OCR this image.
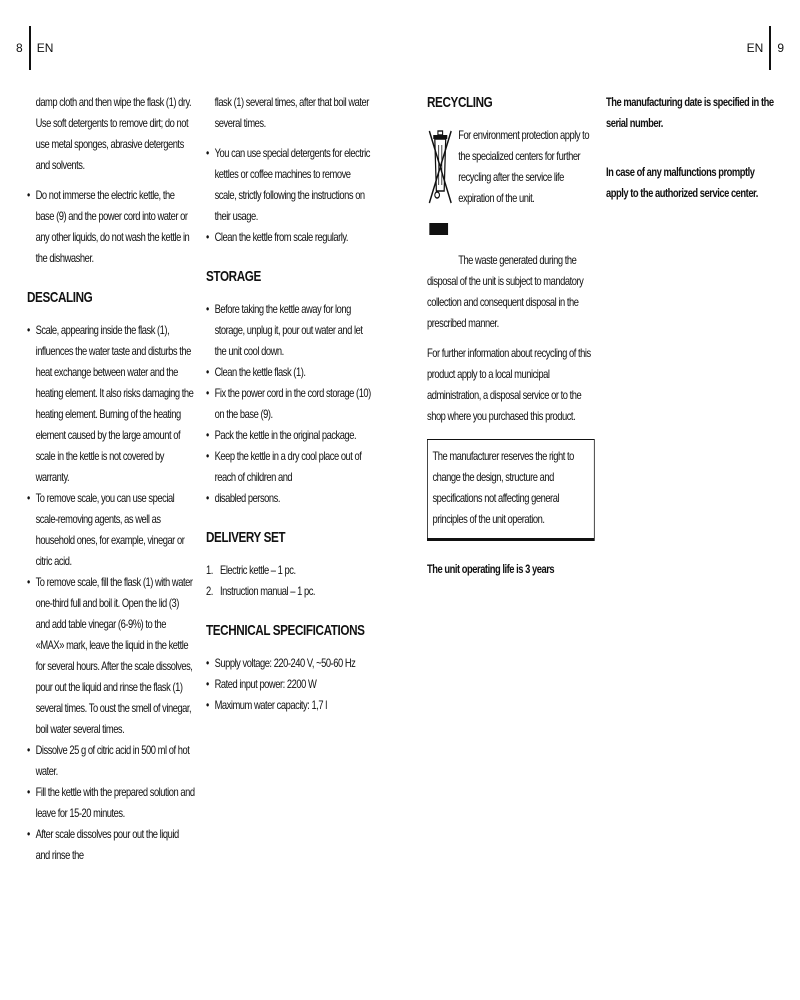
8 EN	EN 9

damp cloth and then wipe the flask (1) dry. Use soft detergents to remove dirt; do not use metal sponges, abrasive detergents and solvents.

• Do not immerse the electric kettle, the base (9) and the power cord into water or any other liquids, do not wash the kettle in the dishwasher.
DESCALING
• Scale, appearing inside the flask (1), influences the water taste and disturbs the heat exchange between water and the heating element. It also risks damaging the heating element. Burning of the heating element caused by the large amount of scale in the kettle is not covered by warranty.
• To remove scale, you can use special scale-removing agents, as well as household ones, for example, vinegar or citric acid.
• To remove scale, fill the flask (1) with water one-third full and boil it. Open the lid (3) and add table vinegar (6-9%) to the «MAX» mark, leave the liquid in the kettle for several hours. After the scale dissolves, pour out the liquid and rinse the flask (1) several times. To oust the smell of vinegar, boil water several times.
• Dissolve 25 g of citric acid in 500 ml of hot water.
• Fill the kettle with the prepared solution and leave for 15-20 minutes.
• After scale dissolves pour out the liquid and rinse the

flask (1) several times, after that boil water several times.

• You can use special detergents for electric kettles or coffee machines to remove scale, strictly following the instructions on their usage.
• Clean the kettle from scale regularly.
STORAGE
• Before taking the kettle away for long storage, unplug it, pour out water and let the unit cool down.
• Clean the kettle flask (1).
• Fix the power cord in the cord storage (10) on the base (9).
• Pack the kettle in the original package.
• Keep the kettle in a dry cool place out of reach of children and
• disabled persons.
DELIVERY SET
1. Electric kettle – 1 pc.
2. Instruction manual – 1 pc.
TECHNICAL SPECIFICATIONS
• Supply voltage: 220-240 V, ~50-60 Hz
• Rated input power: 2200 W
• Maximum water capacity: 1,7 l
RECYCLING

For environment protection apply to the specialized centers for further recycling after the service life expiration of the unit.

The waste generated during the disposal of the unit is subject to mandatory collection and consequent disposal in the prescribed manner.

For further information about recycling of this product apply to a local municipal administration, a disposal service or to the shop where you purchased this product.

The manufacturer reserves the right to change the design, structure and specifications not affecting general principles of the unit operation.

The unit operating life is 3 years

The manufacturing date is specified in the serial number.

In case of any malfunctions promptly apply to the authorized service center.
